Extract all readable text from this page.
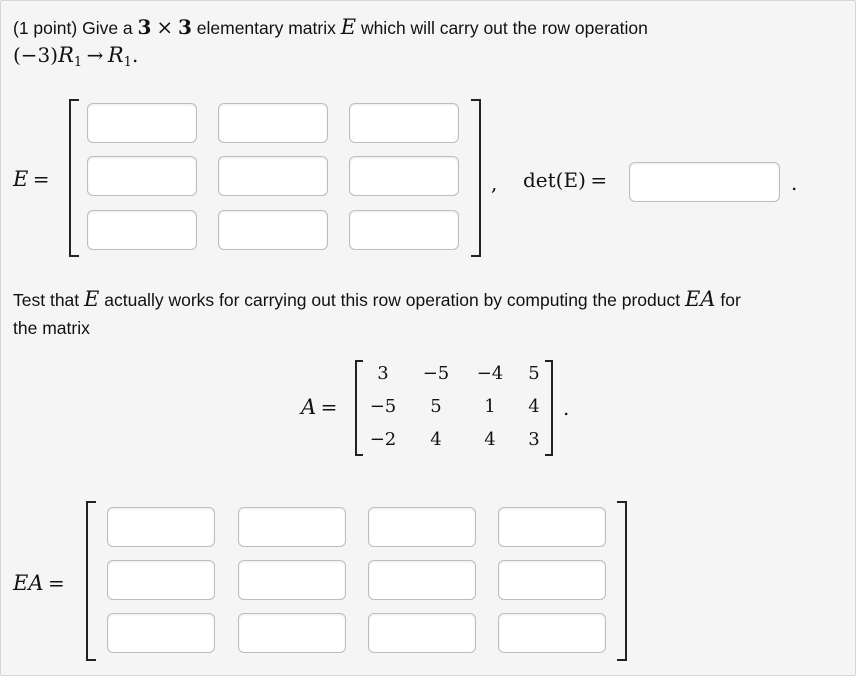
(1 point) Give a 3 × 3 elementary matrix E which will carry out the row operation
$(-3)R_1 \to R_1$.
E =	, det(E) =	.
Test that E actually works for carrying out this row operation by computing the product EA for
the matrix
A =
3	−5	−4	5
−5	5	1	4
−2	4	4	3
.
EA =
